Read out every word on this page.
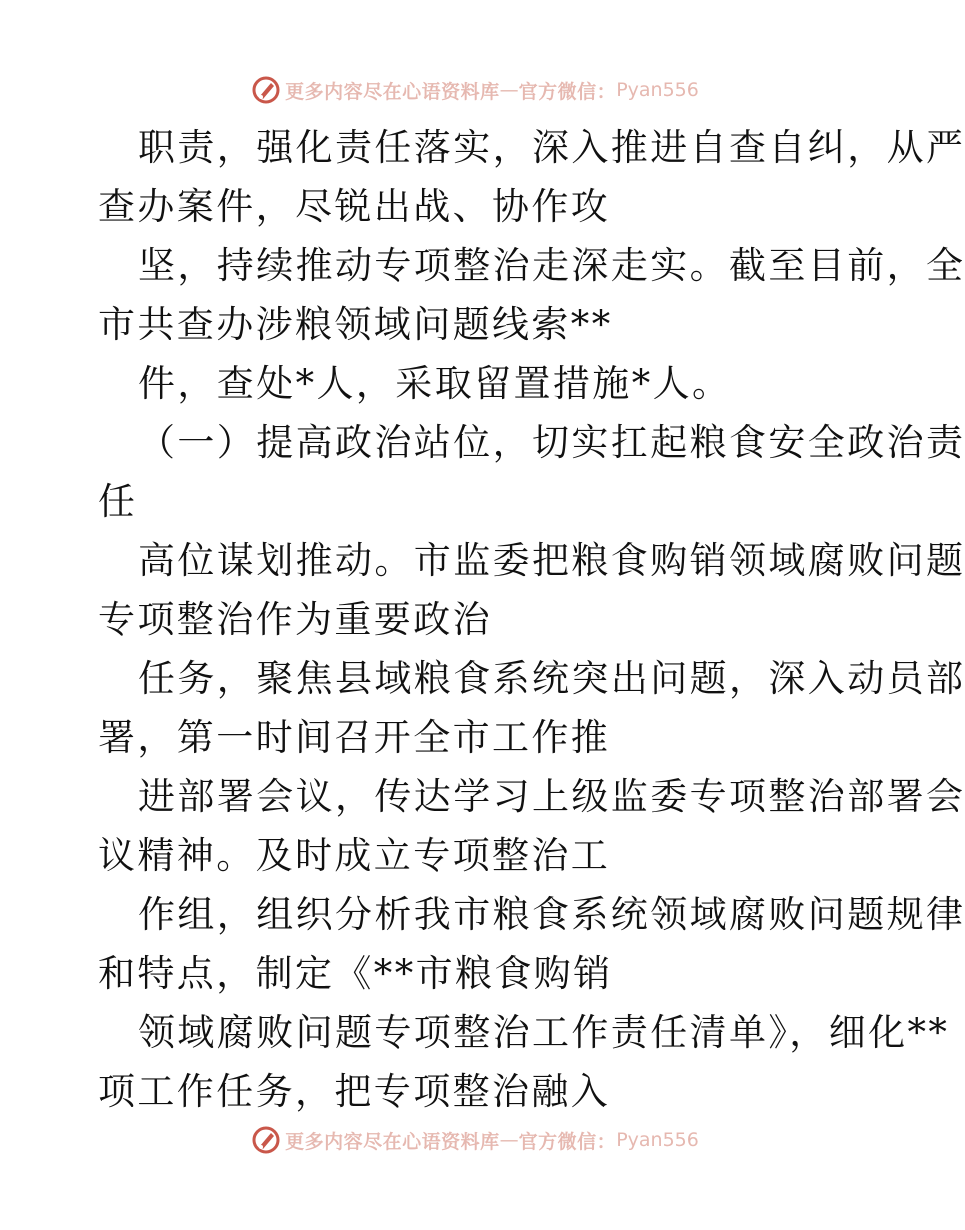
更多内容尽在心语资料库 — 官方微信： Pyan556

职责，强化责任落实，深入推进自查自纠，从严
查办案件，尽锐出战、协作攻

坚，持续推动专项整治走深走实。截至目前，全
市共查办涉粮领域问题线索**

件，查处*人，采取留置措施*人。

（一）提高政治站位，切实扛起粮食安全政治责
任

高位谋划推动。市监委把粮食购销领域腐败问题
专项整治作为重要政治

任务，聚焦县域粮食系统突出问题，深入动员部
署，第一时间召开全市工作推

进部署会议，传达学习上级监委专项整治部署会
议精神。及时成立专项整治工

作组，组织分析我市粮食系统领域腐败问题规律
和特点，制定《**市粮食购销

领域腐败问题专项整治工作责任清单》，细化**
项工作任务，把专项整治融入

更多内容尽在心语资料库 — 官方微信： Pyan556
